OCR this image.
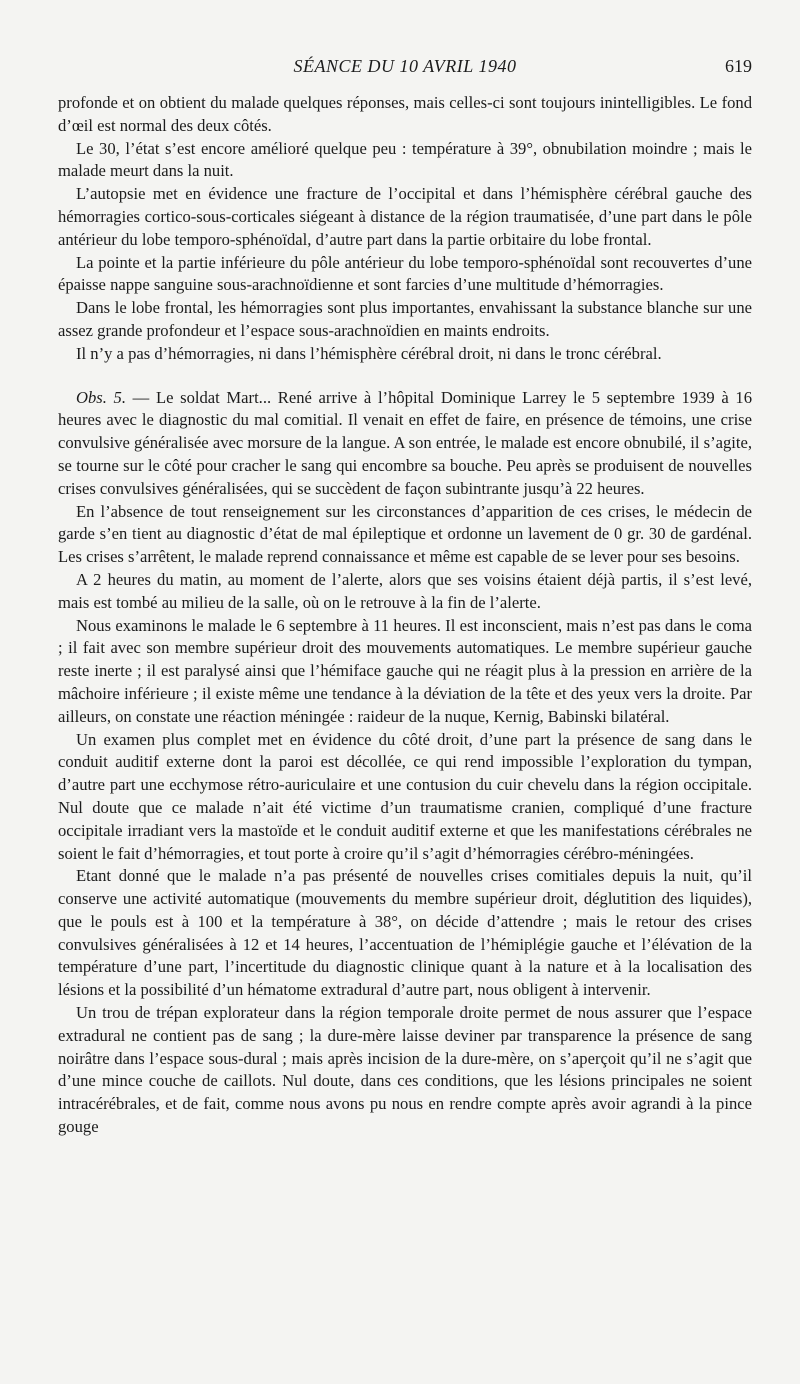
SÉANCE DU 10 AVRIL 1940	619

profonde et on obtient du malade quelques réponses, mais celles-ci sont toujours inintelligibles. Le fond d’œil est normal des deux côtés.

Le 30, l’état s’est encore amélioré quelque peu : température à 39°, obnubilation moindre ; mais le malade meurt dans la nuit.

L’autopsie met en évidence une fracture de l’occipital et dans l’hémisphère cérébral gauche des hémorragies cortico-sous-corticales siégeant à distance de la région traumatisée, d’une part dans le pôle antérieur du lobe temporo-sphénoïdal, d’autre part dans la partie orbitaire du lobe frontal.

La pointe et la partie inférieure du pôle antérieur du lobe temporo-sphénoïdal sont recouvertes d’une épaisse nappe sanguine sous-arachnoïdienne et sont farcies d’une multitude d’hémorragies.

Dans le lobe frontal, les hémorragies sont plus importantes, envahissant la substance blanche sur une assez grande profondeur et l’espace sous-arachnoïdien en maints endroits.

Il n’y a pas d’hémorragies, ni dans l’hémisphère cérébral droit, ni dans le tronc cérébral.

Obs. 5. — Le soldat Mart... René arrive à l’hôpital Dominique Larrey le 5 septembre 1939 à 16 heures avec le diagnostic du mal comitial. Il venait en effet de faire, en présence de témoins, une crise convulsive généralisée avec morsure de la langue. A son entrée, le malade est encore obnubilé, il s’agite, se tourne sur le côté pour cracher le sang qui encombre sa bouche. Peu après se produisent de nouvelles crises convulsives généralisées, qui se succèdent de façon subintrante jusqu’à 22 heures.

En l’absence de tout renseignement sur les circonstances d’apparition de ces crises, le médecin de garde s’en tient au diagnostic d’état de mal épileptique et ordonne un lavement de 0 gr. 30 de gardénal. Les crises s’arrêtent, le malade reprend connaissance et même est capable de se lever pour ses besoins.

A 2 heures du matin, au moment de l’alerte, alors que ses voisins étaient déjà partis, il s’est levé, mais est tombé au milieu de la salle, où on le retrouve à la fin de l’alerte.

Nous examinons le malade le 6 septembre à 11 heures. Il est inconscient, mais n’est pas dans le coma ; il fait avec son membre supérieur droit des mouvements automatiques. Le membre supérieur gauche reste inerte ; il est paralysé ainsi que l’hémiface gauche qui ne réagit plus à la pression en arrière de la mâchoire inférieure ; il existe même une tendance à la déviation de la tête et des yeux vers la droite. Par ailleurs, on constate une réaction méningée : raideur de la nuque, Kernig, Babinski bilatéral.

Un examen plus complet met en évidence du côté droit, d’une part la présence de sang dans le conduit auditif externe dont la paroi est décollée, ce qui rend impossible l’exploration du tympan, d’autre part une ecchymose rétro-auriculaire et une contusion du cuir chevelu dans la région occipitale. Nul doute que ce malade n’ait été victime d’un traumatisme cranien, compliqué d’une fracture occipitale irradiant vers la mastoïde et le conduit auditif externe et que les manifestations cérébrales ne soient le fait d’hémorragies, et tout porte à croire qu’il s’agit d’hémorragies cérébro-méningées.

Etant donné que le malade n’a pas présenté de nouvelles crises comitiales depuis la nuit, qu’il conserve une activité automatique (mouvements du membre supérieur droit, déglutition des liquides), que le pouls est à 100 et la température à 38°, on décide d’attendre ; mais le retour des crises convulsives généralisées à 12 et 14 heures, l’accentuation de l’hémiplégie gauche et l’élévation de la température d’une part, l’incertitude du diagnostic clinique quant à la nature et à la localisation des lésions et la possibilité d’un hématome extradural d’autre part, nous obligent à intervenir.

Un trou de trépan explorateur dans la région temporale droite permet de nous assurer que l’espace extradural ne contient pas de sang ; la dure-mère laisse deviner par transparence la présence de sang noirâtre dans l’espace sous-dural ; mais après incision de la dure-mère, on s’aperçoit qu’il ne s’agit que d’une mince couche de caillots. Nul doute, dans ces conditions, que les lésions principales ne soient intracérébrales, et de fait, comme nous avons pu nous en rendre compte après avoir agrandi à la pince gouge
